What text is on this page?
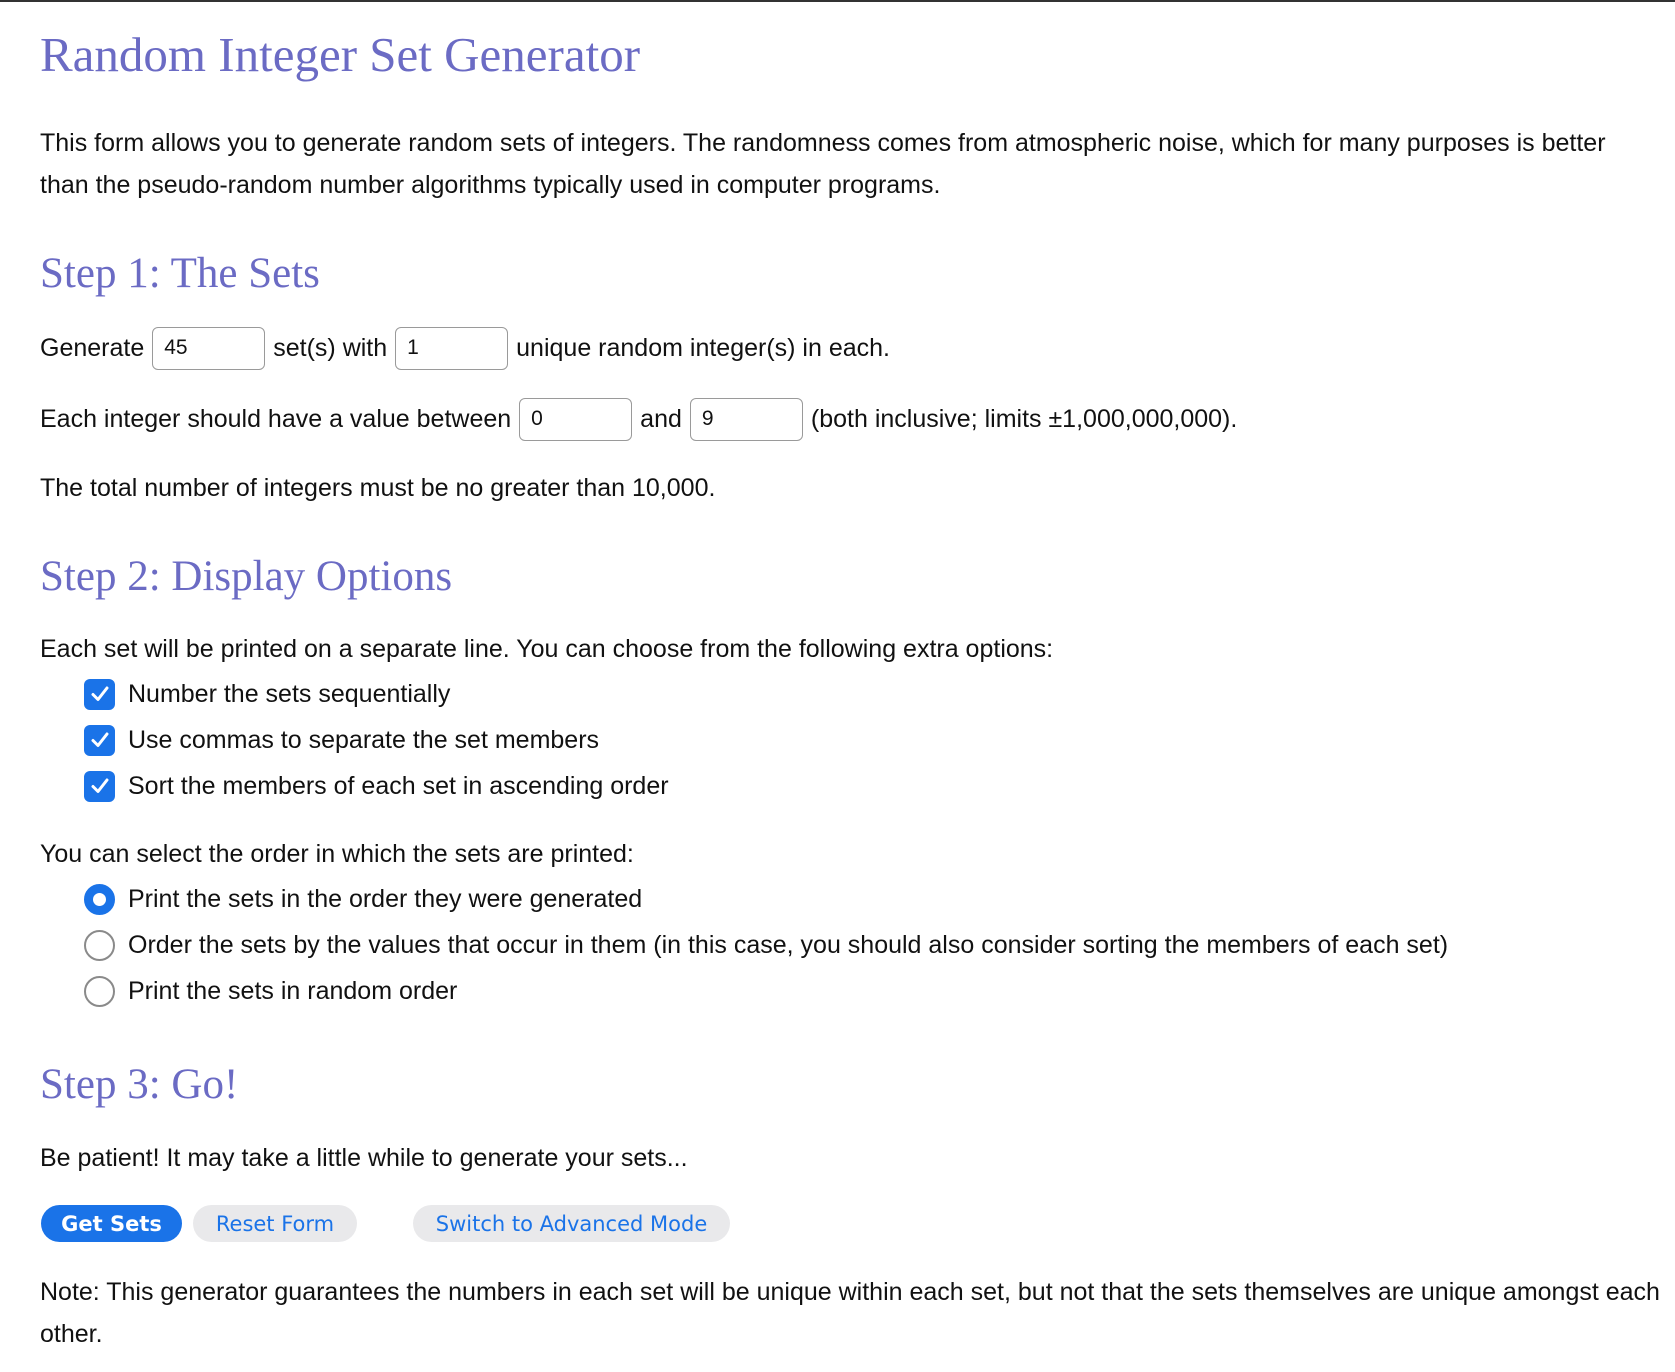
Random Integer Set Generator

This form allows you to generate random sets of integers. The randomness comes from atmospheric noise, which for many purposes is better than the pseudo-random number algorithms typically used in computer programs.

Step 1: The Sets
Generate
45	set(s) with
1	unique random integer(s) in each.
Each integer should have a value between
0	and
9	(both inclusive; limits ±1,000,000,000).

The total number of integers must be no greater than 10,000.

Step 2: Display Options

Each set will be printed on a separate line. You can choose from the following extra options:

Number the sets sequentially
Use commas to separate the set members
Sort the members of each set in ascending order

You can select the order in which the sets are printed:

Print the sets in the order they were generated
Order the sets by the values that occur in them (in this case, you should also consider sorting the members of each set)
Print the sets in random order
Step 3: Go!

Be patient! It may take a little while to generate your sets...

Get Sets	Reset Form	Switch to Advanced Mode

Note: This generator guarantees the numbers in each set will be unique within each set, but not that the sets themselves are unique amongst each other.
